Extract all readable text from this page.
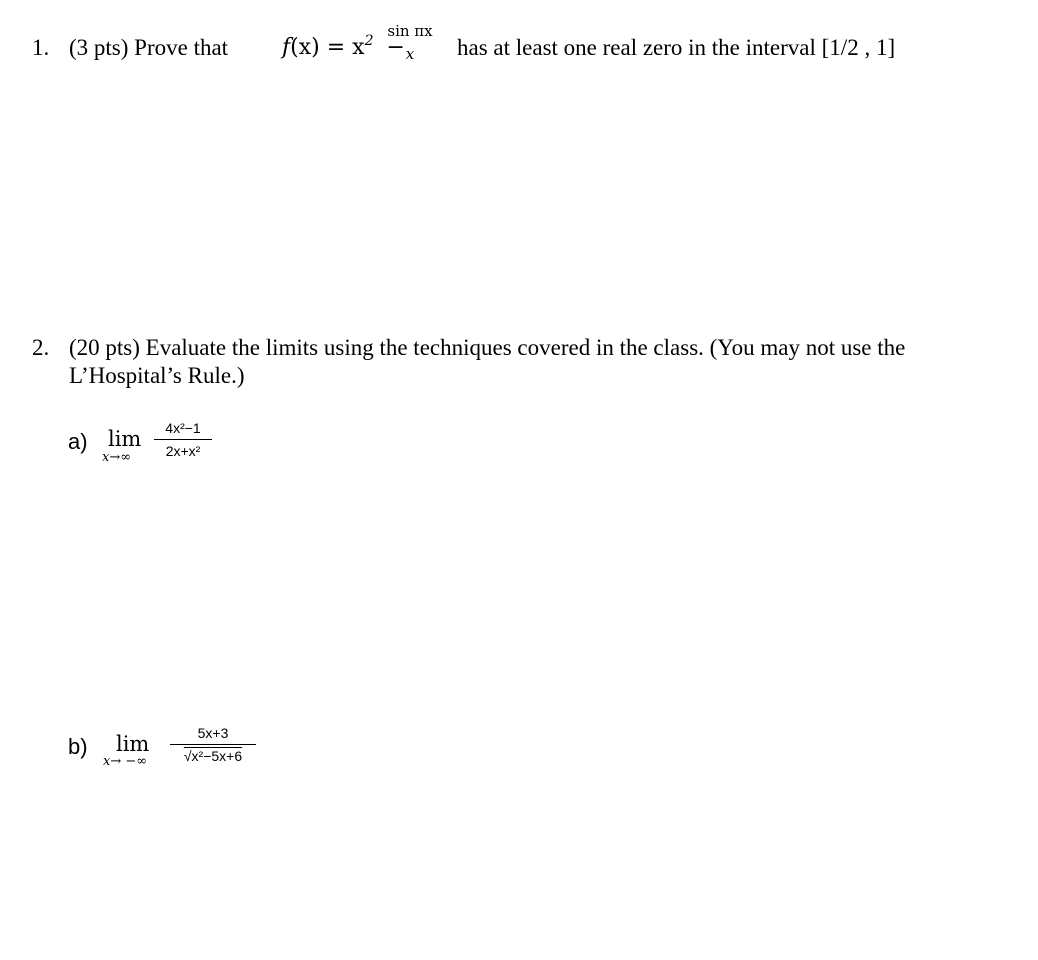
1. (3 pts) Prove that $f(x) = x^2$ −
sin πx
x	has at least one real zero in the interval [1/2 , 1]
2. (20 pts) Evaluate the limits using the techniques covered in the class. (You may not use the
L’Hospital’s Rule.)
a) lim
x→∞
4x²−1
2x+x²
b) lim
x→ −∞ $\frac{5x+3}{\text{√x²−5x+6}}$
